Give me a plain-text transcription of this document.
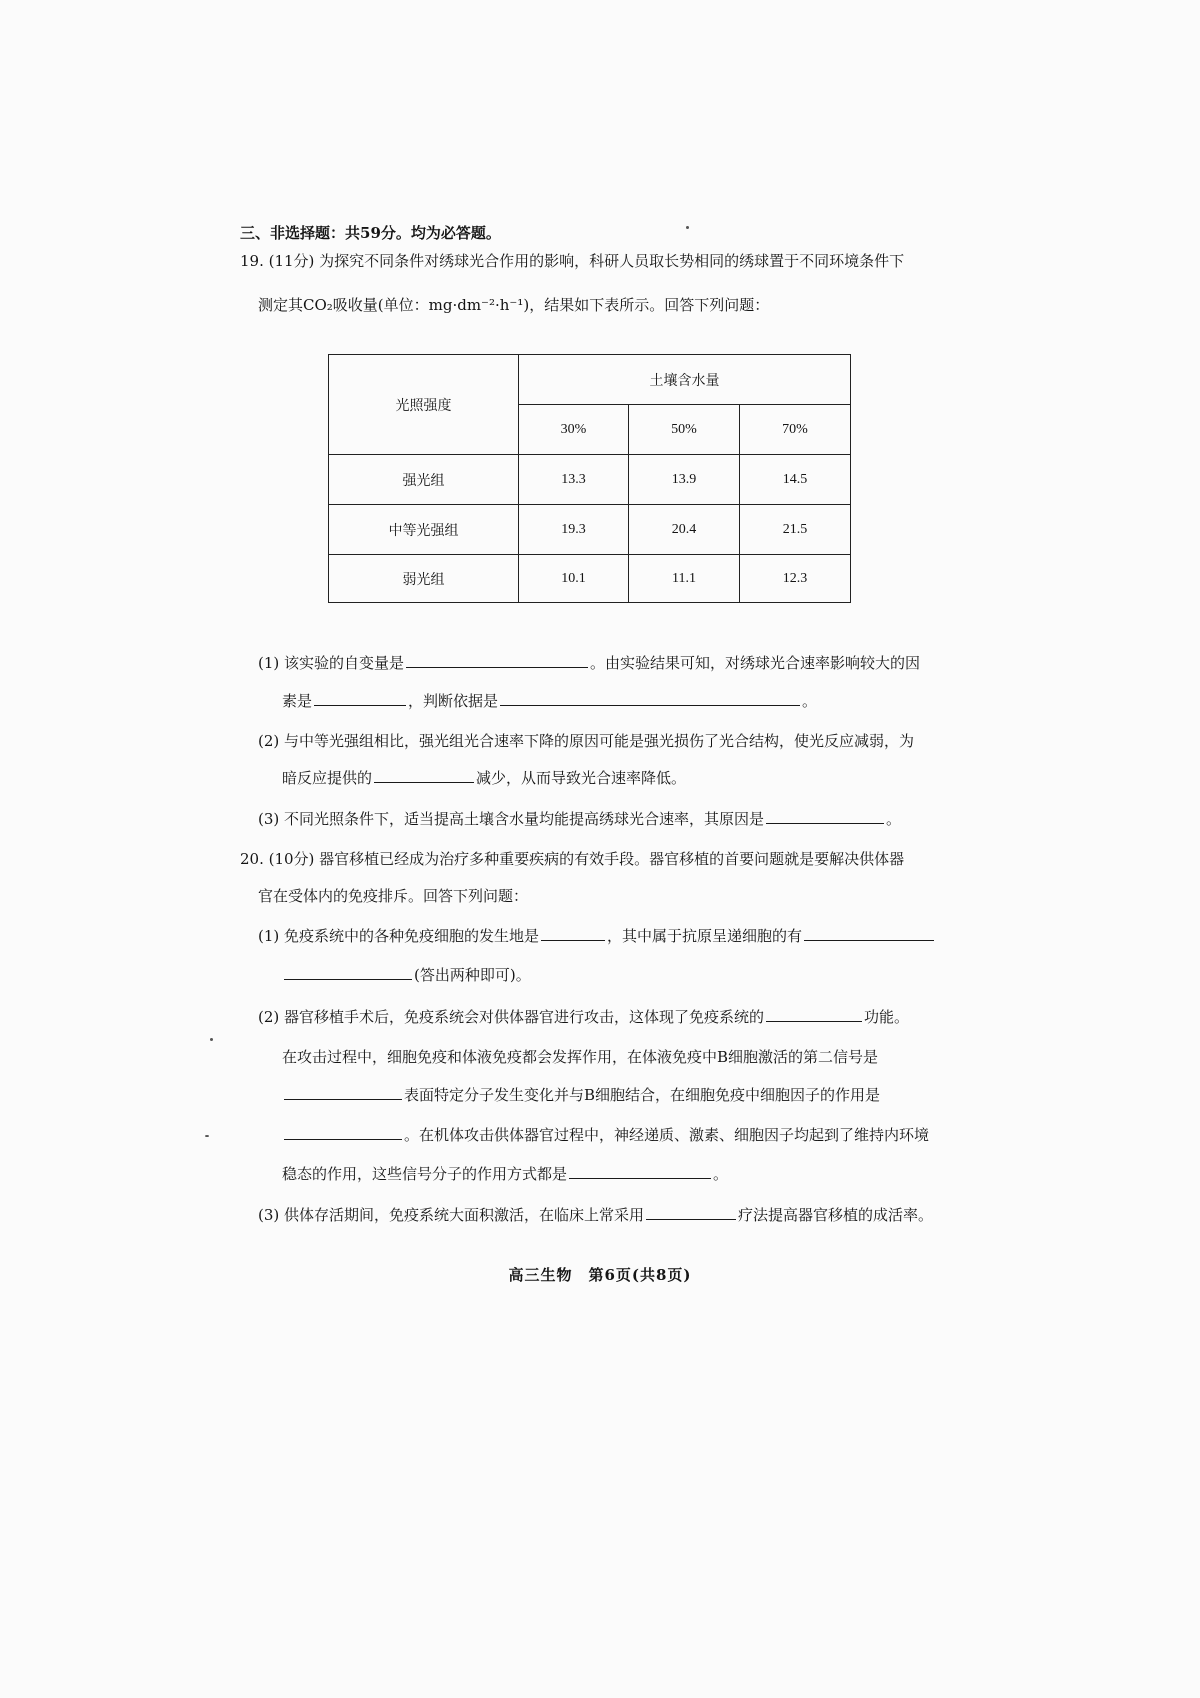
三、非选择题：共59分。均为必答题。
19. (11分) 为探究不同条件对绣球光合作用的影响，科研人员取长势相同的绣球置于不同环境条件下
测定其CO₂吸收量(单位：mg·dm⁻²·h⁻¹)，结果如下表所示。回答下列问题：
光照强度	土壤含水量		
	30%	50%	70%
强光组	13.3	13.9	14.5
中等光强组	19.3	20.4	21.5
弱光组	10.1	11.1	12.3
(1) 该实验的自变量是	。由实验结果可知，对绣球光合速率影响较大的因
素是	，判断依据是	。
(2) 与中等光强组相比，强光组光合速率下降的原因可能是强光损伤了光合结构，使光反应减弱，为
暗反应提供的	减少，从而导致光合速率降低。
(3) 不同光照条件下，适当提高土壤含水量均能提高绣球光合速率，其原因是	。
20. (10分) 器官移植已经成为治疗多种重要疾病的有效手段。器官移植的首要问题就是要解决供体器
官在受体内的免疫排斥。回答下列问题：
(1) 免疫系统中的各种免疫细胞的发生地是	，其中属于抗原呈递细胞的有
(答出两种即可)。
(2) 器官移植手术后，免疫系统会对供体器官进行攻击，这体现了免疫系统的	功能。
在攻击过程中，细胞免疫和体液免疫都会发挥作用，在体液免疫中B细胞激活的第二信号是
表面特定分子发生变化并与B细胞结合，在细胞免疫中细胞因子的作用是
。在机体攻击供体器官过程中，神经递质、激素、细胞因子均起到了维持内环境
稳态的作用，这些信号分子的作用方式都是	。
(3) 供体存活期间，免疫系统大面积激活，在临床上常采用	疗法提高器官移植的成活率。
高三生物　第6页(共8页)
